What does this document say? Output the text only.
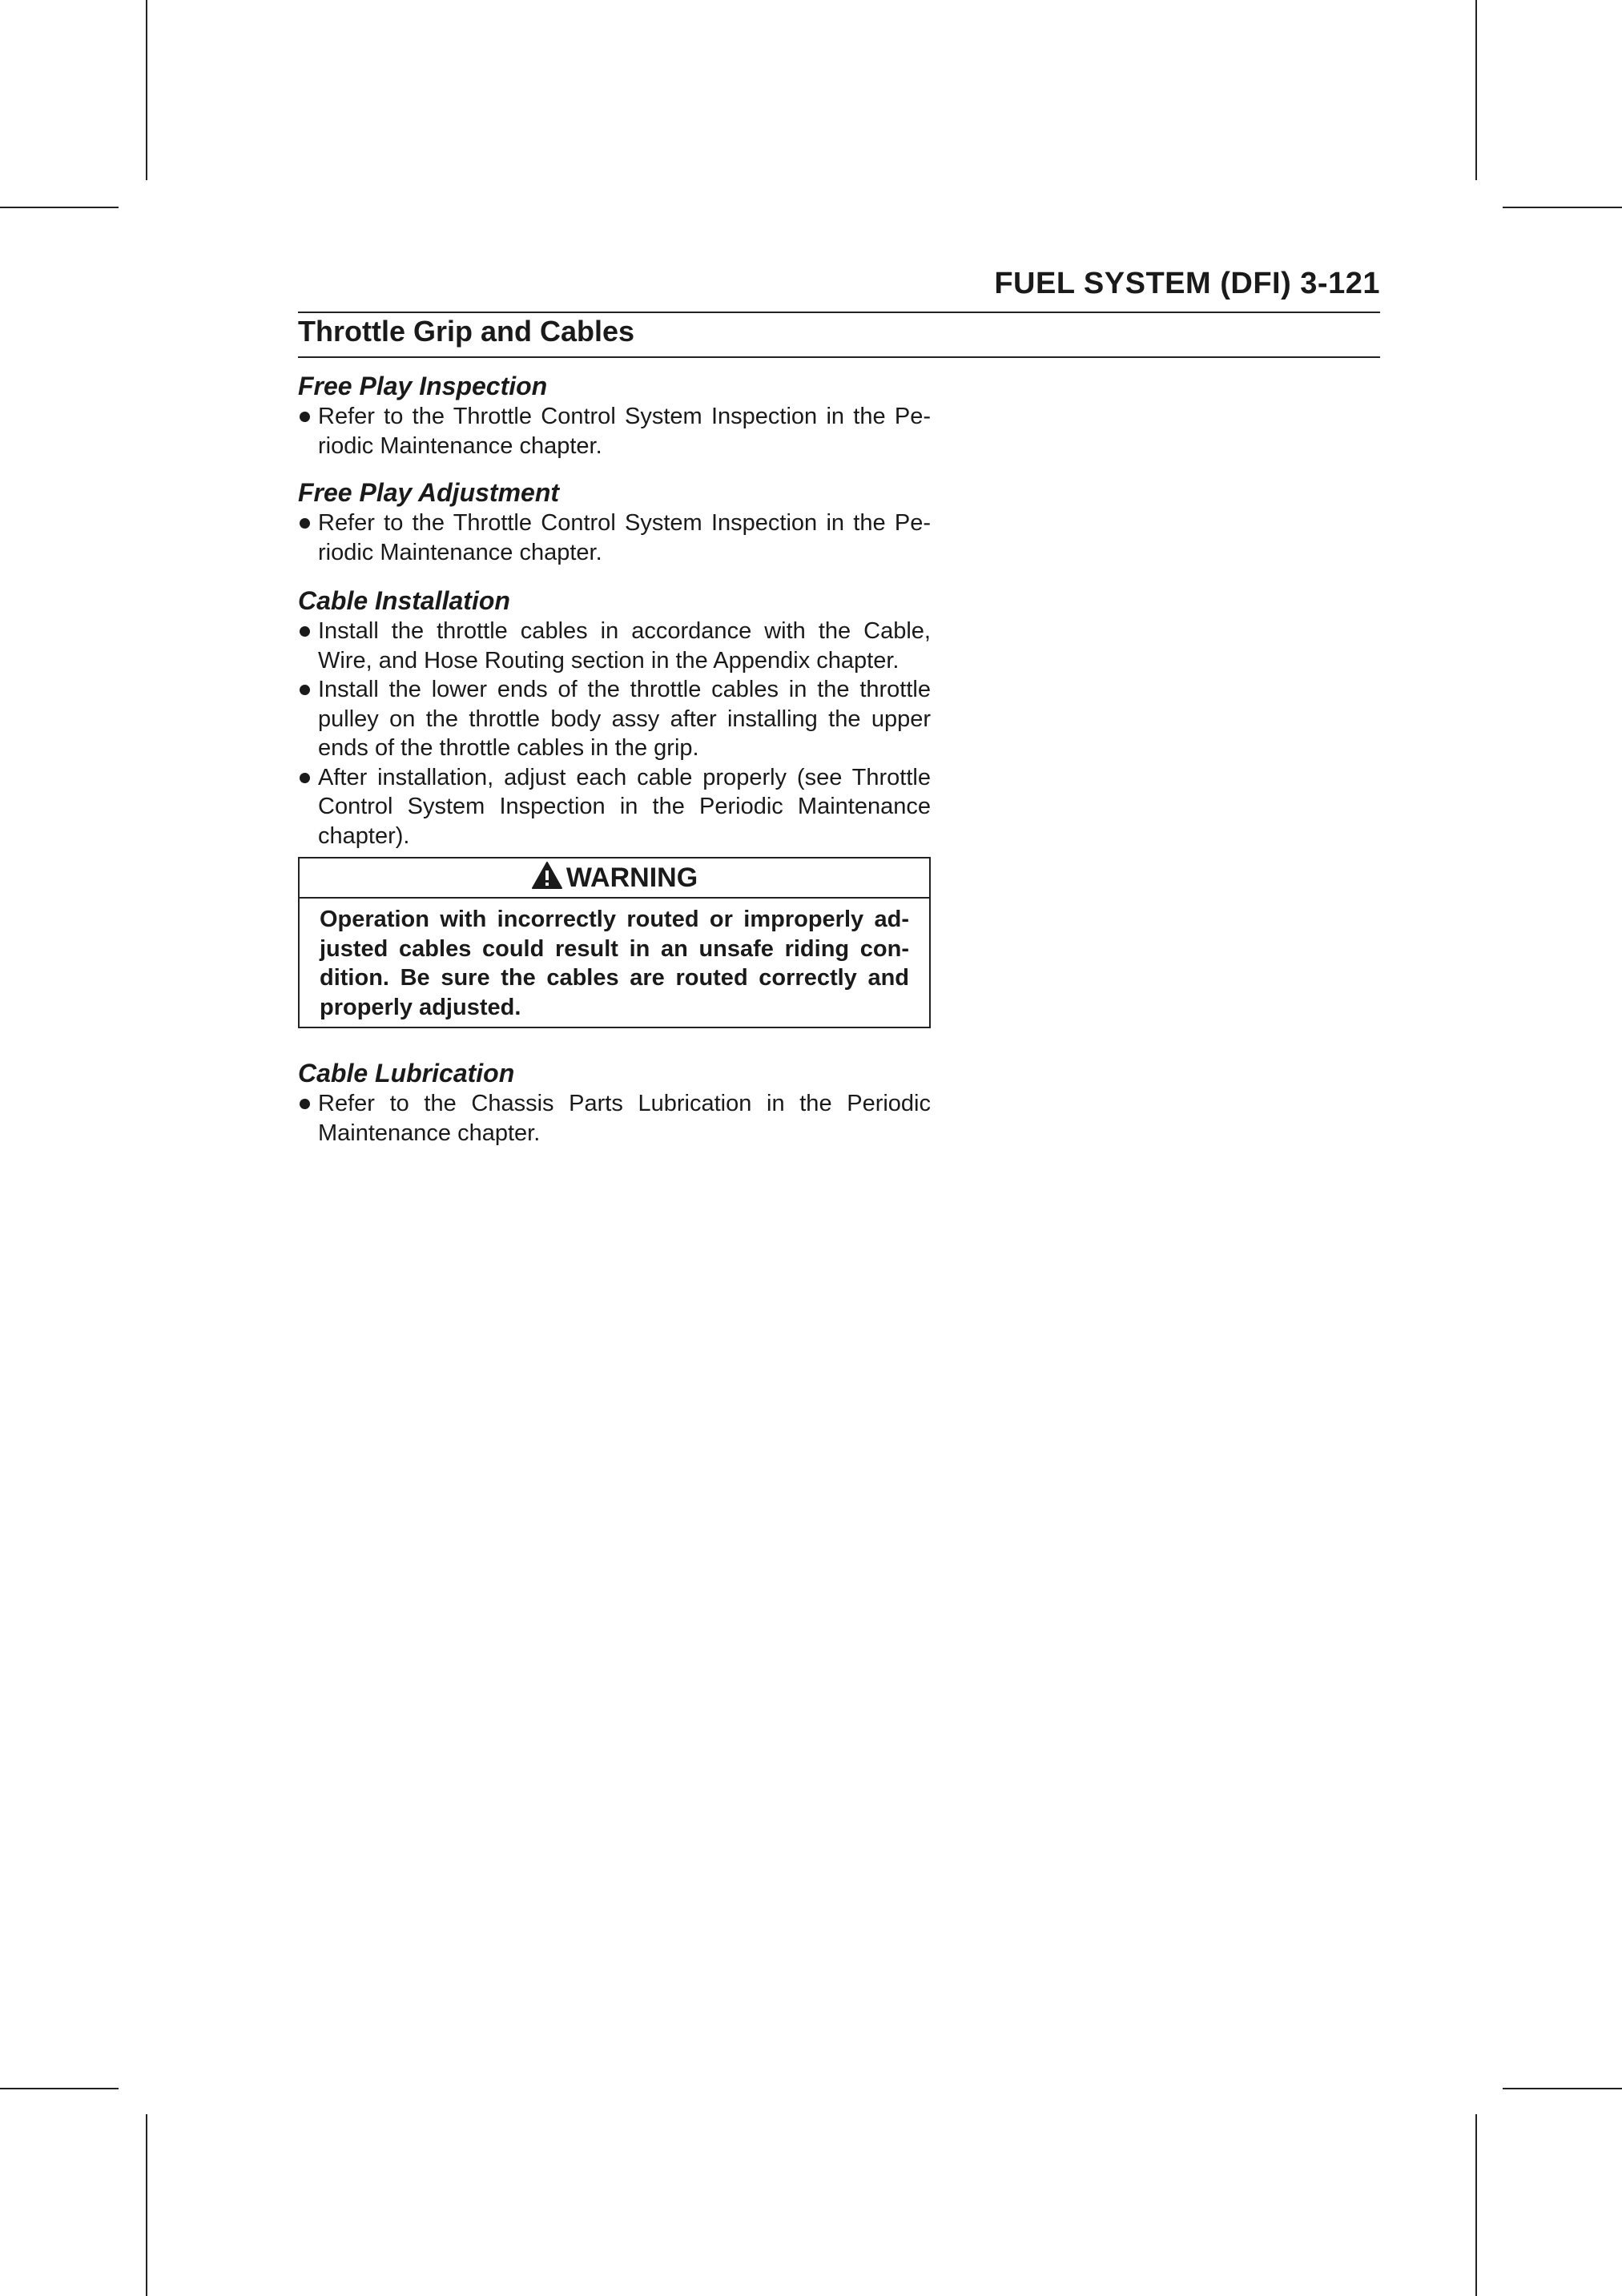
FUEL SYSTEM (DFI) 3-121
Throttle Grip and Cables
Free Play Inspection
Refer to the Throttle Control System Inspection in the Pe- riodic Maintenance chapter.
Free Play Adjustment
Refer to the Throttle Control System Inspection in the Pe- riodic Maintenance chapter.
Cable Installation
Install the throttle cables in accordance with the Cable, Wire, and Hose Routing section in the Appendix chapter.
Install the lower ends of the throttle cables in the throttle pulley on the throttle body assy after installing the upper ends of the throttle cables in the grip.
After installation, adjust each cable properly (see Throttle Control System Inspection in the Periodic Maintenance chapter).
WARNING
Operation with incorrectly routed or improperly ad- justed cables could result in an unsafe riding con- dition. Be sure the cables are routed correctly and properly adjusted.
Cable Lubrication
Refer to the Chassis Parts Lubrication in the Periodic Maintenance chapter.
